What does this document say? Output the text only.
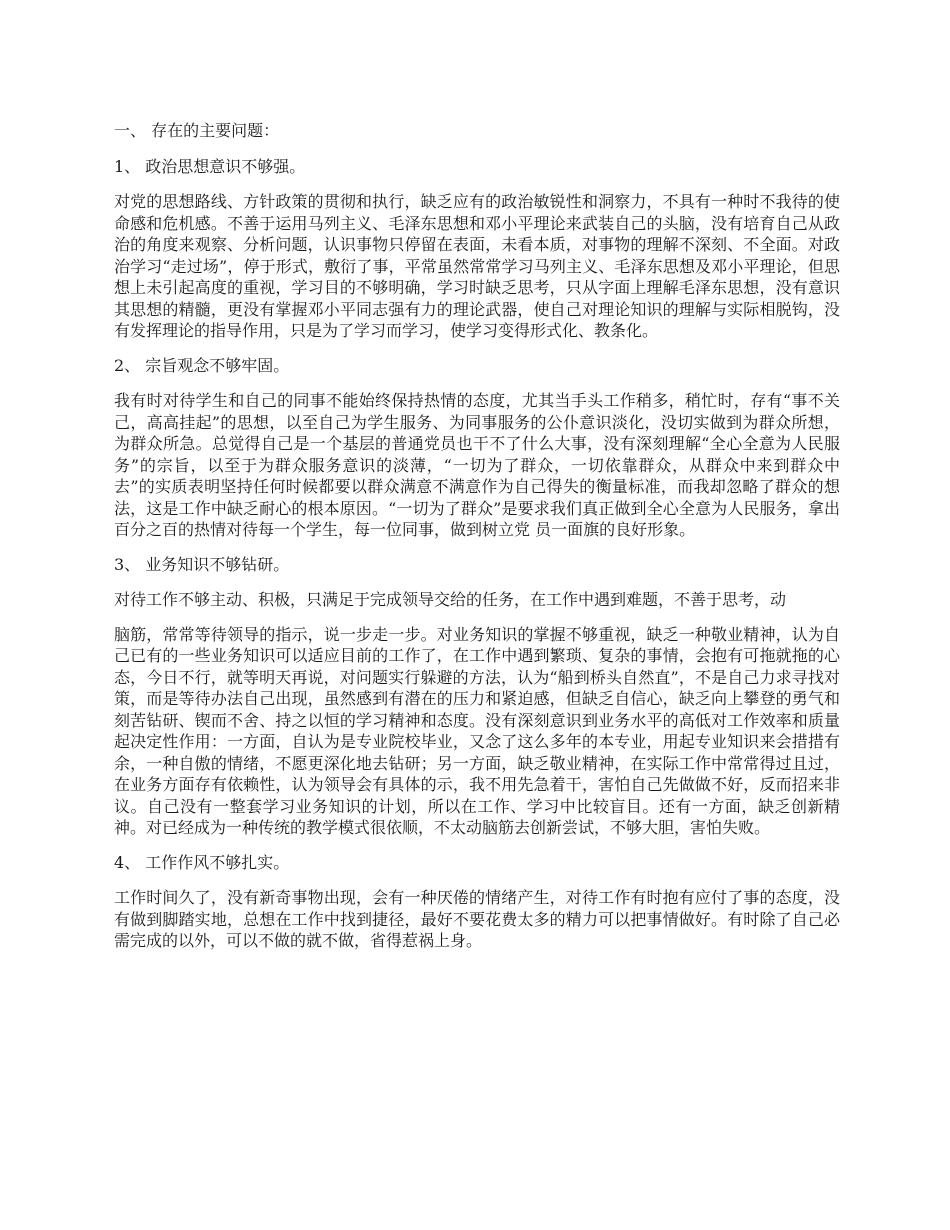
一、 存在的主要问题：
1、 政治思想意识不够强。
对党的思想路线、方针政策的贯彻和执行，缺乏应有的政治敏锐性和洞察力，不具有一种时不我待的使命感和危机感。不善于运用马列主义、毛泽东思想和邓小平理论来武装自己的头脑，没有培育自己从政治的角度来观察、分析问题，认识事物只停留在表面，未看本质，对事物的理解不深刻、不全面。对政治学习“走过场”，停于形式，敷衍了事，平常虽然常常学习马列主义、毛泽东思想及邓小平理论，但思想上未引起高度的重视，学习目的不够明确，学习时缺乏思考，只从字面上理解毛泽东思想，没有意识其思想的精髓，更没有掌握邓小平同志强有力的理论武器，使自己对理论知识的理解与实际相脱钩，没有发挥理论的指导作用，只是为了学习而学习，使学习变得形式化、教条化。
2、 宗旨观念不够牢固。
我有时对待学生和自己的同事不能始终保持热情的态度，尤其当手头工作稍多，稍忙时，存有“事不关己，高高挂起”的思想，以至自己为学生服务、为同事服务的公仆意识淡化，没切实做到为群众所想，为群众所急。总觉得自己是一个基层的普通党员也干不了什么大事，没有深刻理解“全心全意为人民服务”的宗旨，以至于为群众服务意识的淡薄，“一切为了群众，一切依靠群众，从群众中来到群众中去”的实质表明坚持任何时候都要以群众满意不满意作为自己得失的衡量标准，而我却忽略了群众的想法，这是工作中缺乏耐心的根本原因。“一切为了群众”是要求我们真正做到全心全意为人民服务，拿出百分之百的热情对待每一个学生，每一位同事，做到树立党 员一面旗的良好形象。
3、 业务知识不够钻研。
对待工作不够主动、积极，只满足于完成领导交给的任务，在工作中遇到难题，不善于思考，动
脑筋，常常等待领导的指示，说一步走一步。对业务知识的掌握不够重视，缺乏一种敬业精神，认为自己已有的一些业务知识可以适应目前的工作了，在工作中遇到繁琐、复杂的事情，会抱有可拖就拖的心态，今日不行，就等明天再说，对问题实行躲避的方法，认为“船到桥头自然直”，不是自己力求寻找对策，而是等待办法自己出现，虽然感到有潜在的压力和紧迫感，但缺乏自信心，缺乏向上攀登的勇气和刻苦钻研、锲而不舍、持之以恒的学习精神和态度。没有深刻意识到业务水平的高低对工作效率和质量起决定性作用：一方面，自认为是专业院校毕业，又念了这么多年的本专业，用起专业知识来会措措有余，一种自傲的情绪，不愿更深化地去钻研；另一方面，缺乏敬业精神，在实际工作中常常得过且过，在业务方面存有依赖性，认为领导会有具体的示，我不用先急着干，害怕自己先做做不好，反而招来非议。自己没有一整套学习业务知识的计划，所以在工作、学习中比较盲目。还有一方面，缺乏创新精神。对已经成为一种传统的教学模式很依顺，不太动脑筋去创新尝试，不够大胆，害怕失败。
4、 工作作风不够扎实。
工作时间久了，没有新奇事物出现，会有一种厌倦的情绪产生，对待工作有时抱有应付了事的态度，没有做到脚踏实地，总想在工作中找到捷径，最好不要花费太多的精力可以把事情做好。有时除了自己必需完成的以外，可以不做的就不做，省得惹祸上身。
